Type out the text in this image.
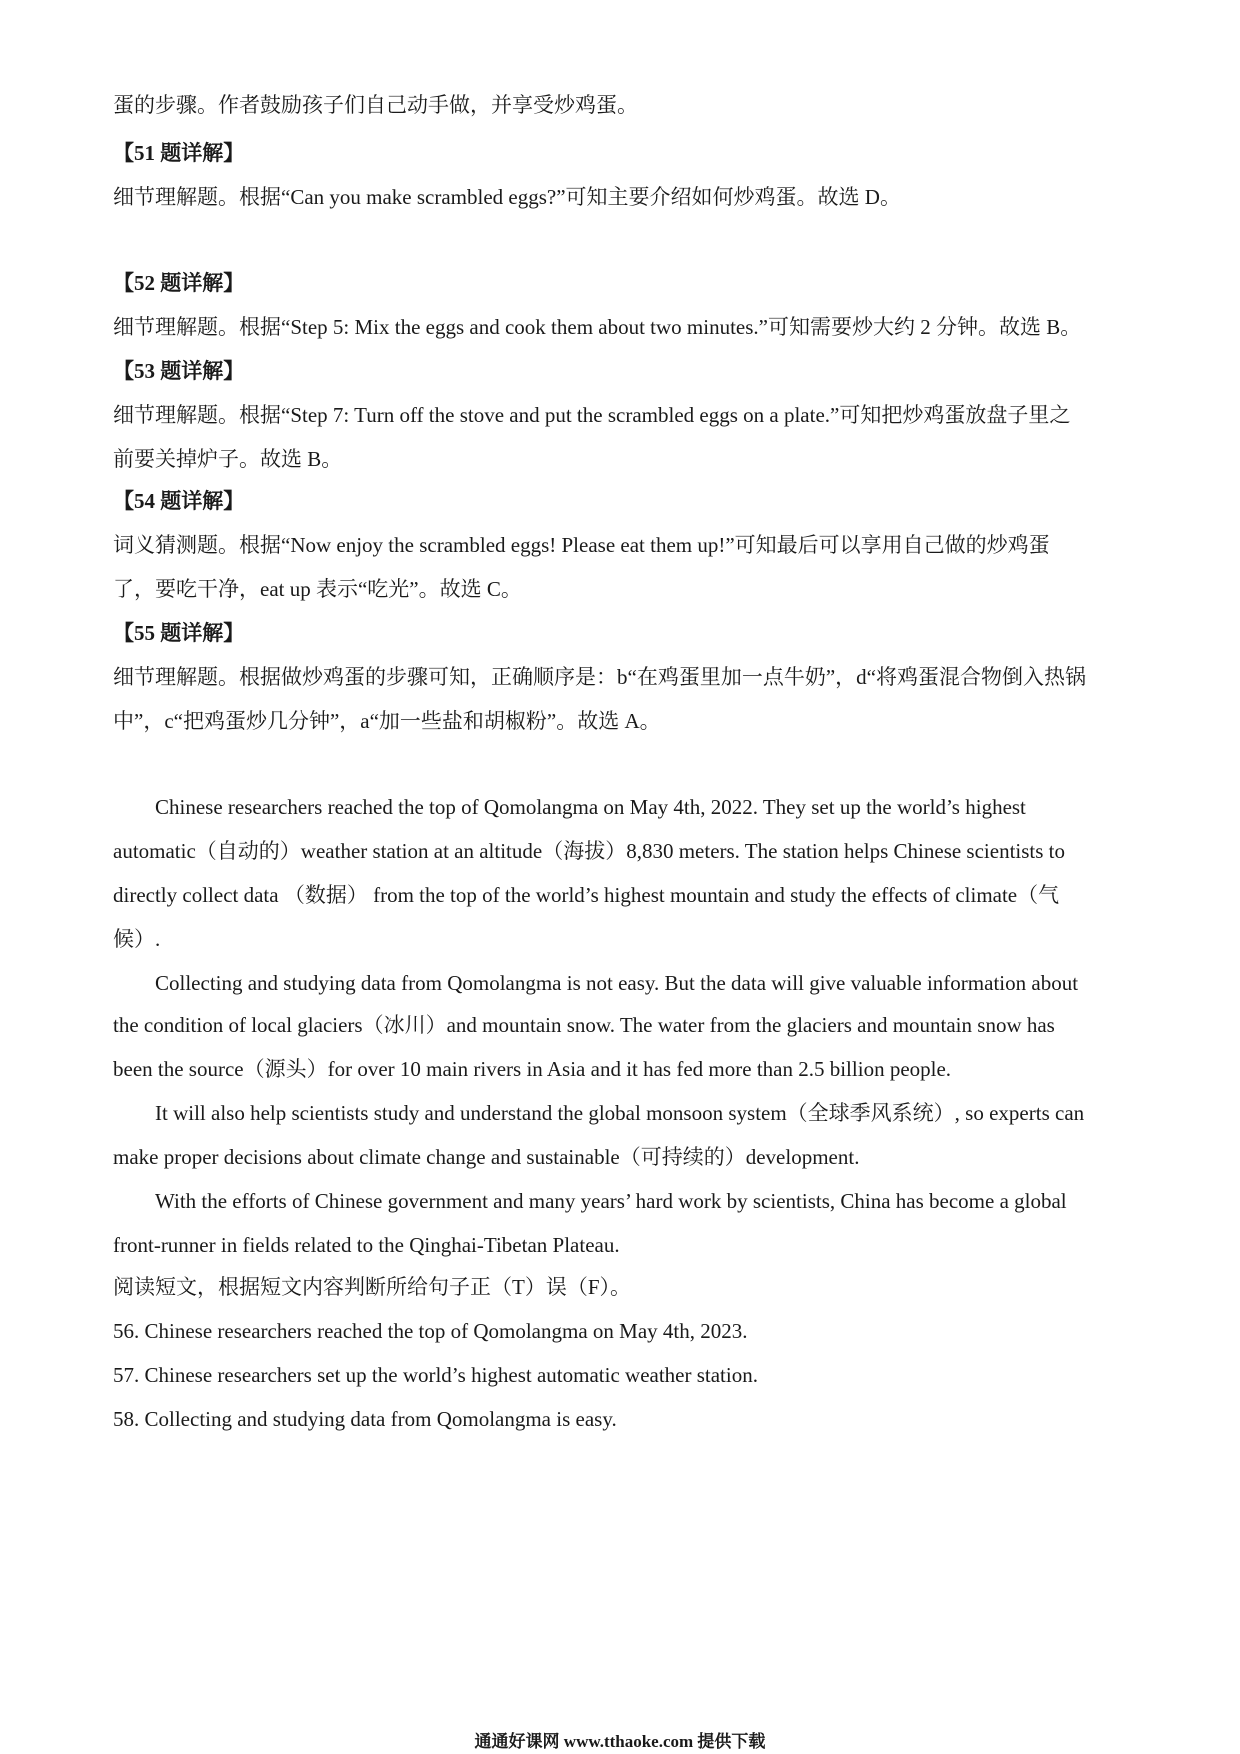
蛋的步骤。作者鼓励孩子们自己动手做，并享受炒鸡蛋。
【51 题详解】
细节理解题。根据“Can you make scrambled eggs?”可知主要介绍如何炒鸡蛋。故选 D。
【52 题详解】
细节理解题。根据“Step 5: Mix the eggs and cook them about two minutes.”可知需要炒大约 2 分钟。故选 B。
【53 题详解】
细节理解题。根据“Step 7: Turn off the stove and put the scrambled eggs on a plate.”可知把炒鸡蛋放盘子里之
前要关掉炉子。故选 B。
【54 题详解】
词义猜测题。根据“Now enjoy the scrambled eggs! Please eat them up!”可知最后可以享用自己做的炒鸡蛋
了，要吃干净，eat up 表示“吃光”。故选 C。
【55 题详解】
细节理解题。根据做炒鸡蛋的步骤可知，正确顺序是：b“在鸡蛋里加一点牛奶”，d“将鸡蛋混合物倒入热锅
中”，c“把鸡蛋炒几分钟”，a“加一些盐和胡椒粉”。故选 A。
Chinese researchers reached the top of Qomolangma on May 4th, 2022. They set up the world’s highest
automatic（自动的）weather station at an altitude（海拔）8,830 meters. The station helps Chinese scientists to
directly collect data （数据） from the top of the world’s highest mountain and study the effects of climate（气
候）.
Collecting and studying data from Qomolangma is not easy. But the data will give valuable information about
the condition of local glaciers（冰川）and mountain snow. The water from the glaciers and mountain snow has
been the source（源头）for over 10 main rivers in Asia and it has fed more than 2.5 billion people.
It will also help scientists study and understand the global monsoon system（全球季风系统）, so experts can
make proper decisions about climate change and sustainable（可持续的）development.
With the efforts of Chinese government and many years’ hard work by scientists, China has become a global
front-runner in fields related to the Qinghai-Tibetan Plateau.
阅读短文，根据短文内容判断所给句子正（T）误（F）。
56. Chinese researchers reached the top of Qomolangma on May 4th, 2023.
57. Chinese researchers set up the world’s highest automatic weather station.
58. Collecting and studying data from Qomolangma is easy.
通通好课网 www.tthaoke.com 提供下载
